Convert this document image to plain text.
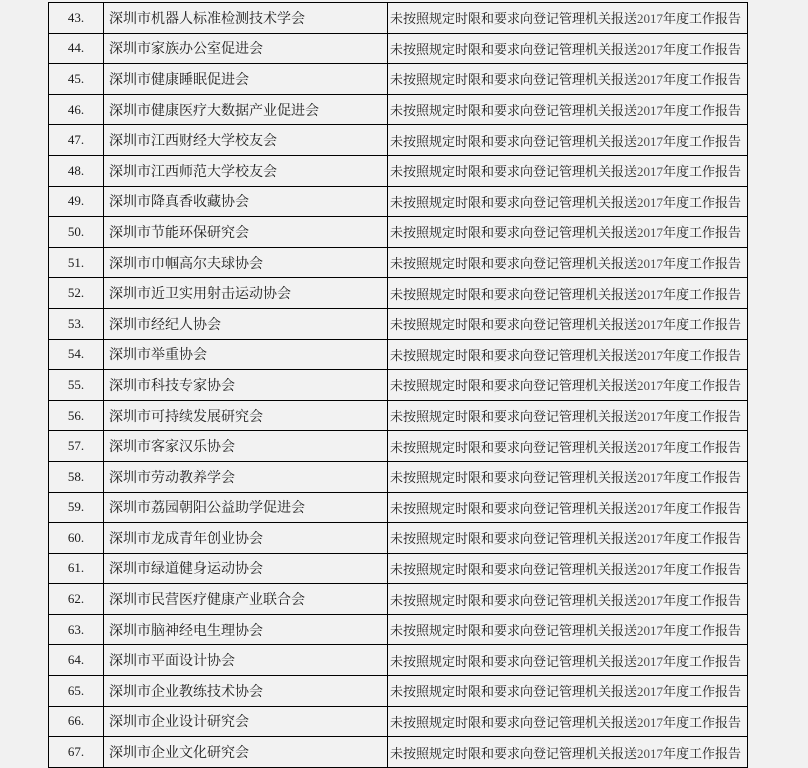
43.	深圳市机器人标准检测技术学会	未按照规定时限和要求向登记管理机关报送2017年度工作报告
44.	深圳市家族办公室促进会	未按照规定时限和要求向登记管理机关报送2017年度工作报告
45.	深圳市健康睡眠促进会	未按照规定时限和要求向登记管理机关报送2017年度工作报告
46.	深圳市健康医疗大数据产业促进会	未按照规定时限和要求向登记管理机关报送2017年度工作报告
47.	深圳市江西财经大学校友会	未按照规定时限和要求向登记管理机关报送2017年度工作报告
48.	深圳市江西师范大学校友会	未按照规定时限和要求向登记管理机关报送2017年度工作报告
49.	深圳市降真香收藏协会	未按照规定时限和要求向登记管理机关报送2017年度工作报告
50.	深圳市节能环保研究会	未按照规定时限和要求向登记管理机关报送2017年度工作报告
51.	深圳市巾帼高尔夫球协会	未按照规定时限和要求向登记管理机关报送2017年度工作报告
52.	深圳市近卫实用射击运动协会	未按照规定时限和要求向登记管理机关报送2017年度工作报告
53.	深圳市经纪人协会	未按照规定时限和要求向登记管理机关报送2017年度工作报告
54.	深圳市举重协会	未按照规定时限和要求向登记管理机关报送2017年度工作报告
55.	深圳市科技专家协会	未按照规定时限和要求向登记管理机关报送2017年度工作报告
56.	深圳市可持续发展研究会	未按照规定时限和要求向登记管理机关报送2017年度工作报告
57.	深圳市客家汉乐协会	未按照规定时限和要求向登记管理机关报送2017年度工作报告
58.	深圳市劳动教养学会	未按照规定时限和要求向登记管理机关报送2017年度工作报告
59.	深圳市荔园朝阳公益助学促进会	未按照规定时限和要求向登记管理机关报送2017年度工作报告
60.	深圳市龙成青年创业协会	未按照规定时限和要求向登记管理机关报送2017年度工作报告
61.	深圳市绿道健身运动协会	未按照规定时限和要求向登记管理机关报送2017年度工作报告
62.	深圳市民营医疗健康产业联合会	未按照规定时限和要求向登记管理机关报送2017年度工作报告
63.	深圳市脑神经电生理协会	未按照规定时限和要求向登记管理机关报送2017年度工作报告
64.	深圳市平面设计协会	未按照规定时限和要求向登记管理机关报送2017年度工作报告
65.	深圳市企业教练技术协会	未按照规定时限和要求向登记管理机关报送2017年度工作报告
66.	深圳市企业设计研究会	未按照规定时限和要求向登记管理机关报送2017年度工作报告
67.	深圳市企业文化研究会	未按照规定时限和要求向登记管理机关报送2017年度工作报告
